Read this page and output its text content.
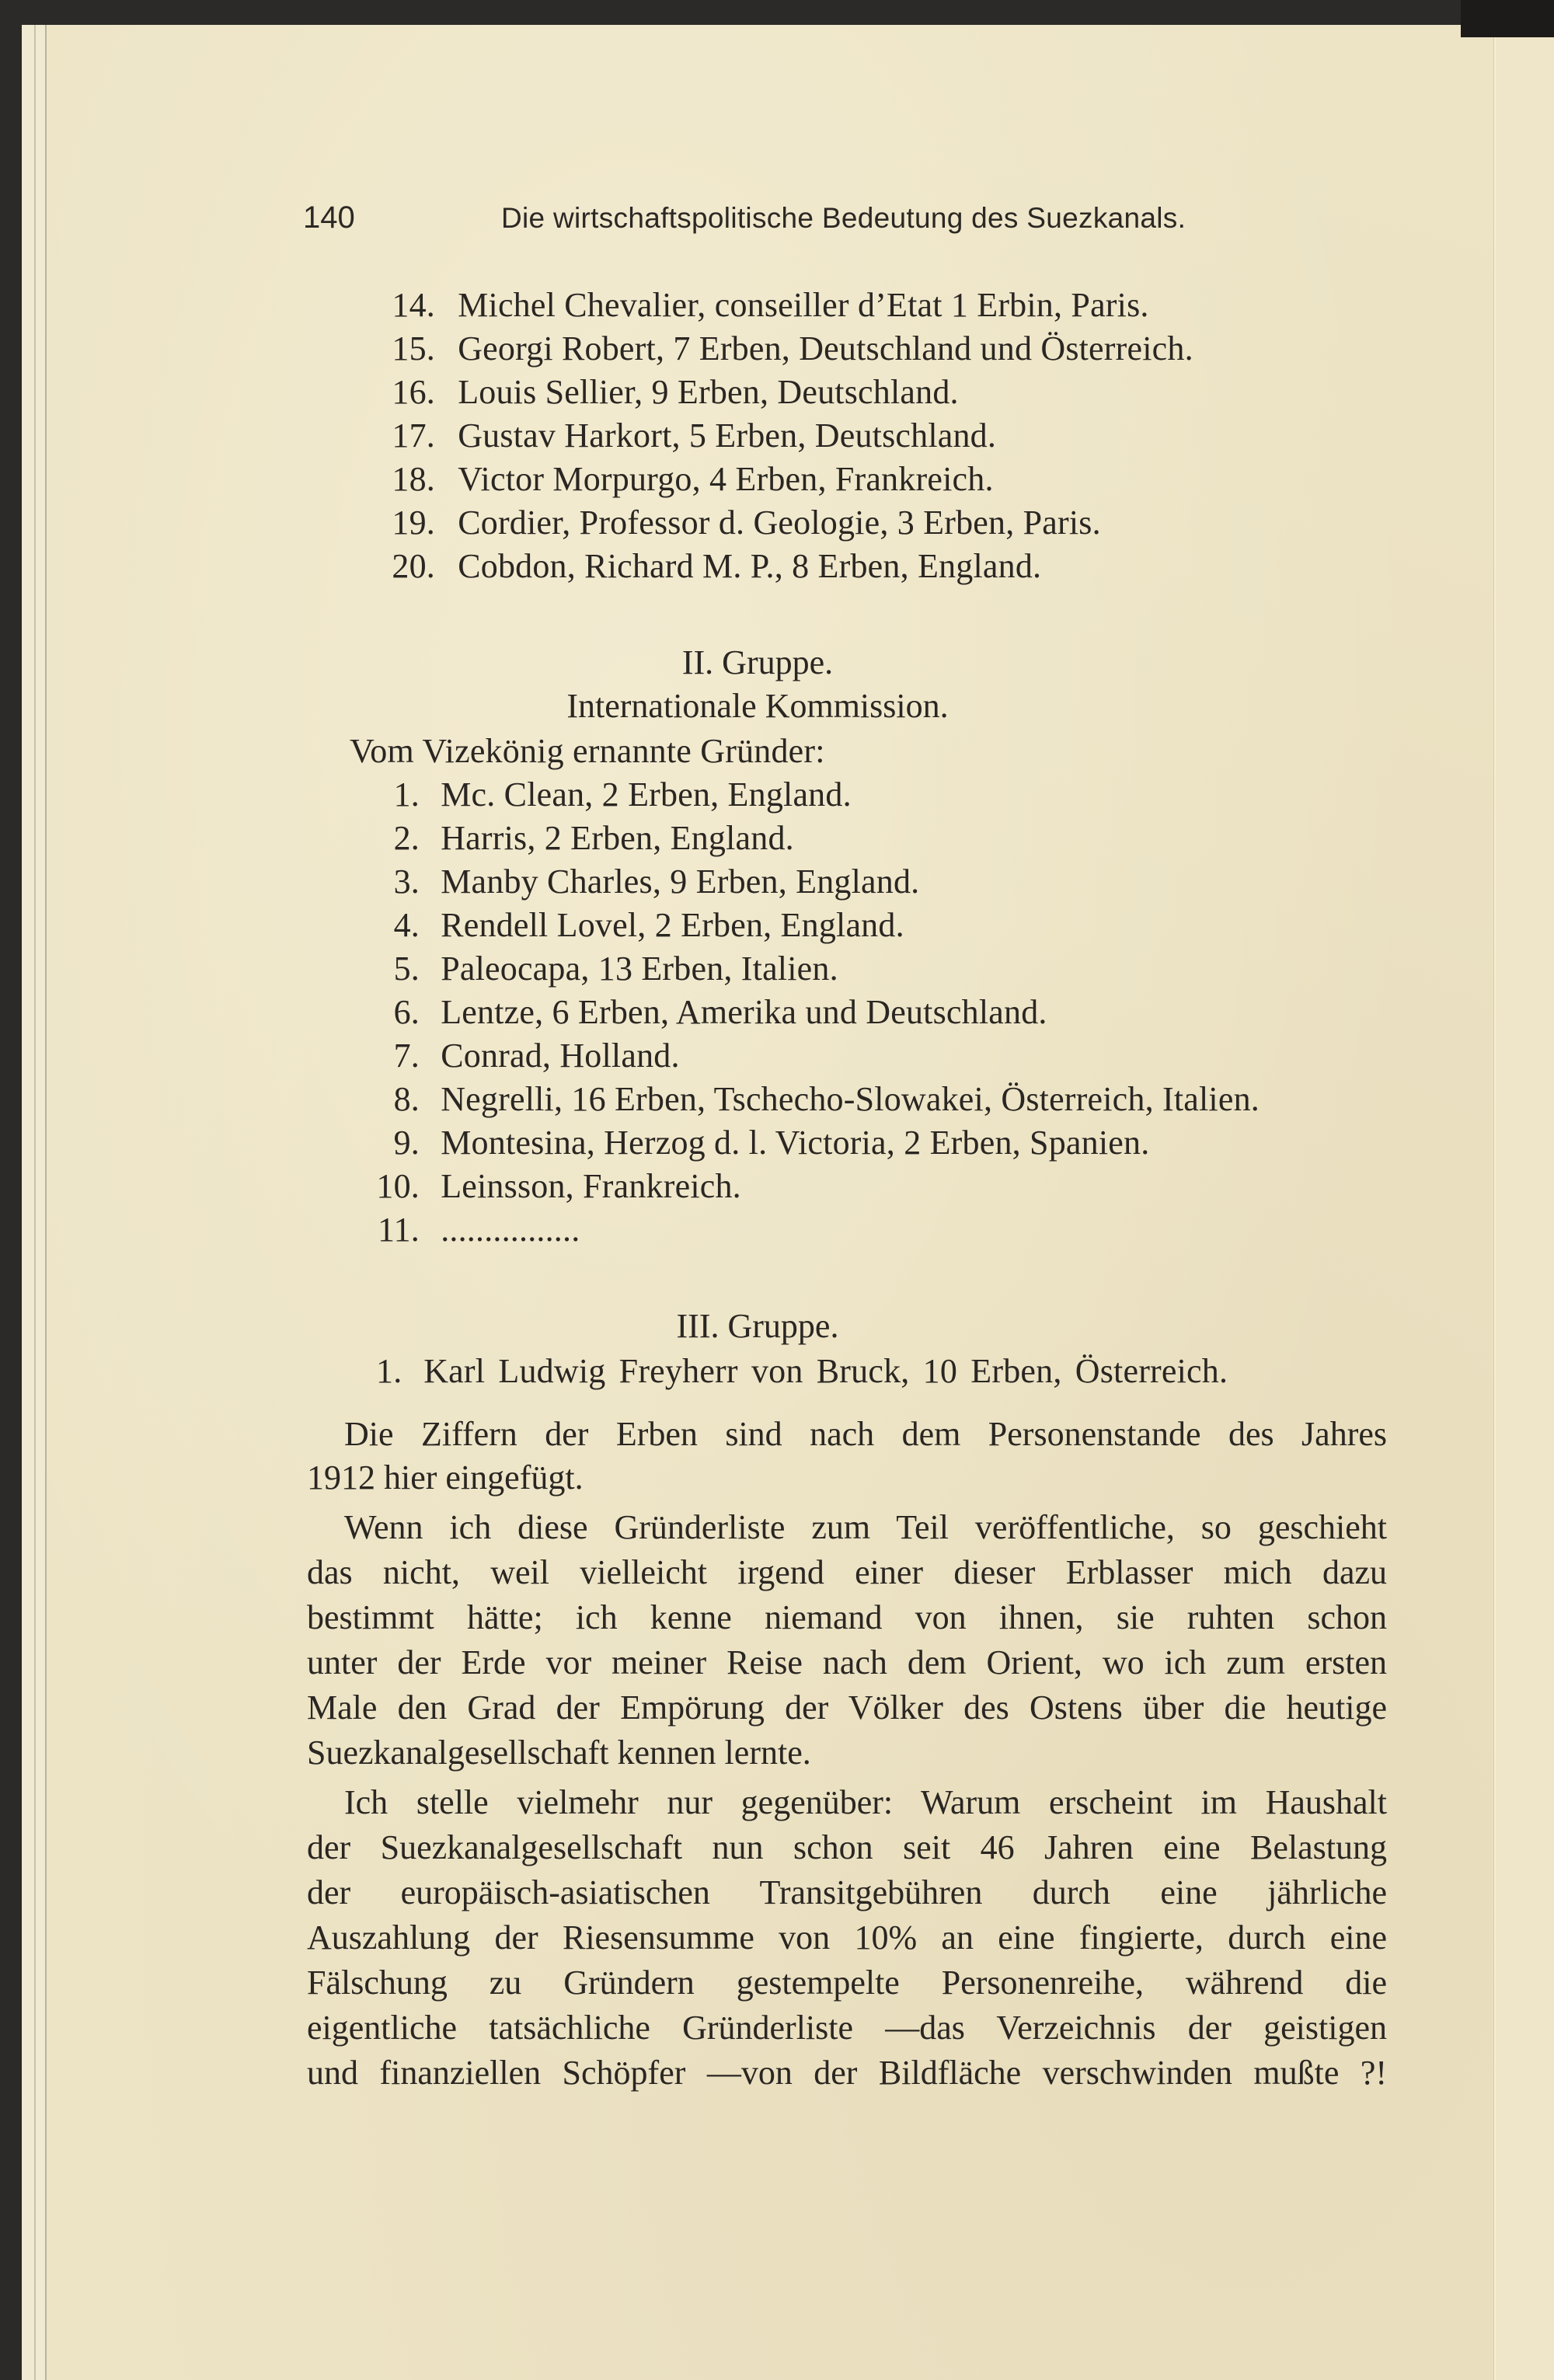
140	Die wirtschaftspolitische Bedeutung des Suezkanals.
14. Michel Chevalier, conseiller d’Etat 1 Erbin, Paris.
15. Georgi Robert, 7 Erben, Deutschland und Österreich.
16. Louis Sellier, 9 Erben, Deutschland.
17. Gustav Harkort, 5 Erben, Deutschland.
18. Victor Morpurgo, 4 Erben, Frankreich.
19. Cordier, Professor d. Geologie, 3 Erben, Paris.
20. Cobdon, Richard M. P., 8 Erben, England.
II. Gruppe.
Internationale Kommission.
Vom Vizekönig ernannte Gründer:
1. Mc. Clean, 2 Erben, England.
2. Harris, 2 Erben, England.
3. Manby Charles, 9 Erben, England.
4. Rendell Lovel, 2 Erben, England.
5. Paleocapa, 13 Erben, Italien.
6. Lentze, 6 Erben, Amerika und Deutschland.
7. Conrad, Holland.
8. Negrelli, 16 Erben, Tschecho-Slowakei, Österreich, Italien.
9. Montesina, Herzog d. l. Victoria, 2 Erben, Spanien.
10. Leinsson, Frankreich.
11. ................
III. Gruppe.
1. Karl Ludwig Freyherr von Bruck, 10 Erben, Österreich.
Die Ziffern der Erben sind nach dem Personenstande des Jahres
1912 hier eingefügt.
Wenn ich diese Gründerliste zum Teil veröffentliche, so geschieht
das nicht, weil vielleicht irgend einer dieser Erblasser mich dazu
bestimmt hätte; ich kenne niemand von ihnen, sie ruhten schon
unter der Erde vor meiner Reise nach dem Orient, wo ich zum ersten
Male den Grad der Empörung der Völker des Ostens über die heutige
Suezkanalgesellschaft kennen lernte.
Ich stelle vielmehr nur gegenüber: Warum erscheint im Haushalt
der Suezkanalgesellschaft nun schon seit 46 Jahren eine Belastung
der europäisch-asiatischen Transitgebühren durch eine jährliche
Auszahlung der Riesensumme von 10% an eine fingierte, durch eine
Fälschung zu Gründern gestempelte Personenreihe, während die
eigentliche tatsächliche Gründerliste —das Verzeichnis der geistigen
und finanziellen Schöpfer —von der Bildfläche verschwinden mußte ?!
